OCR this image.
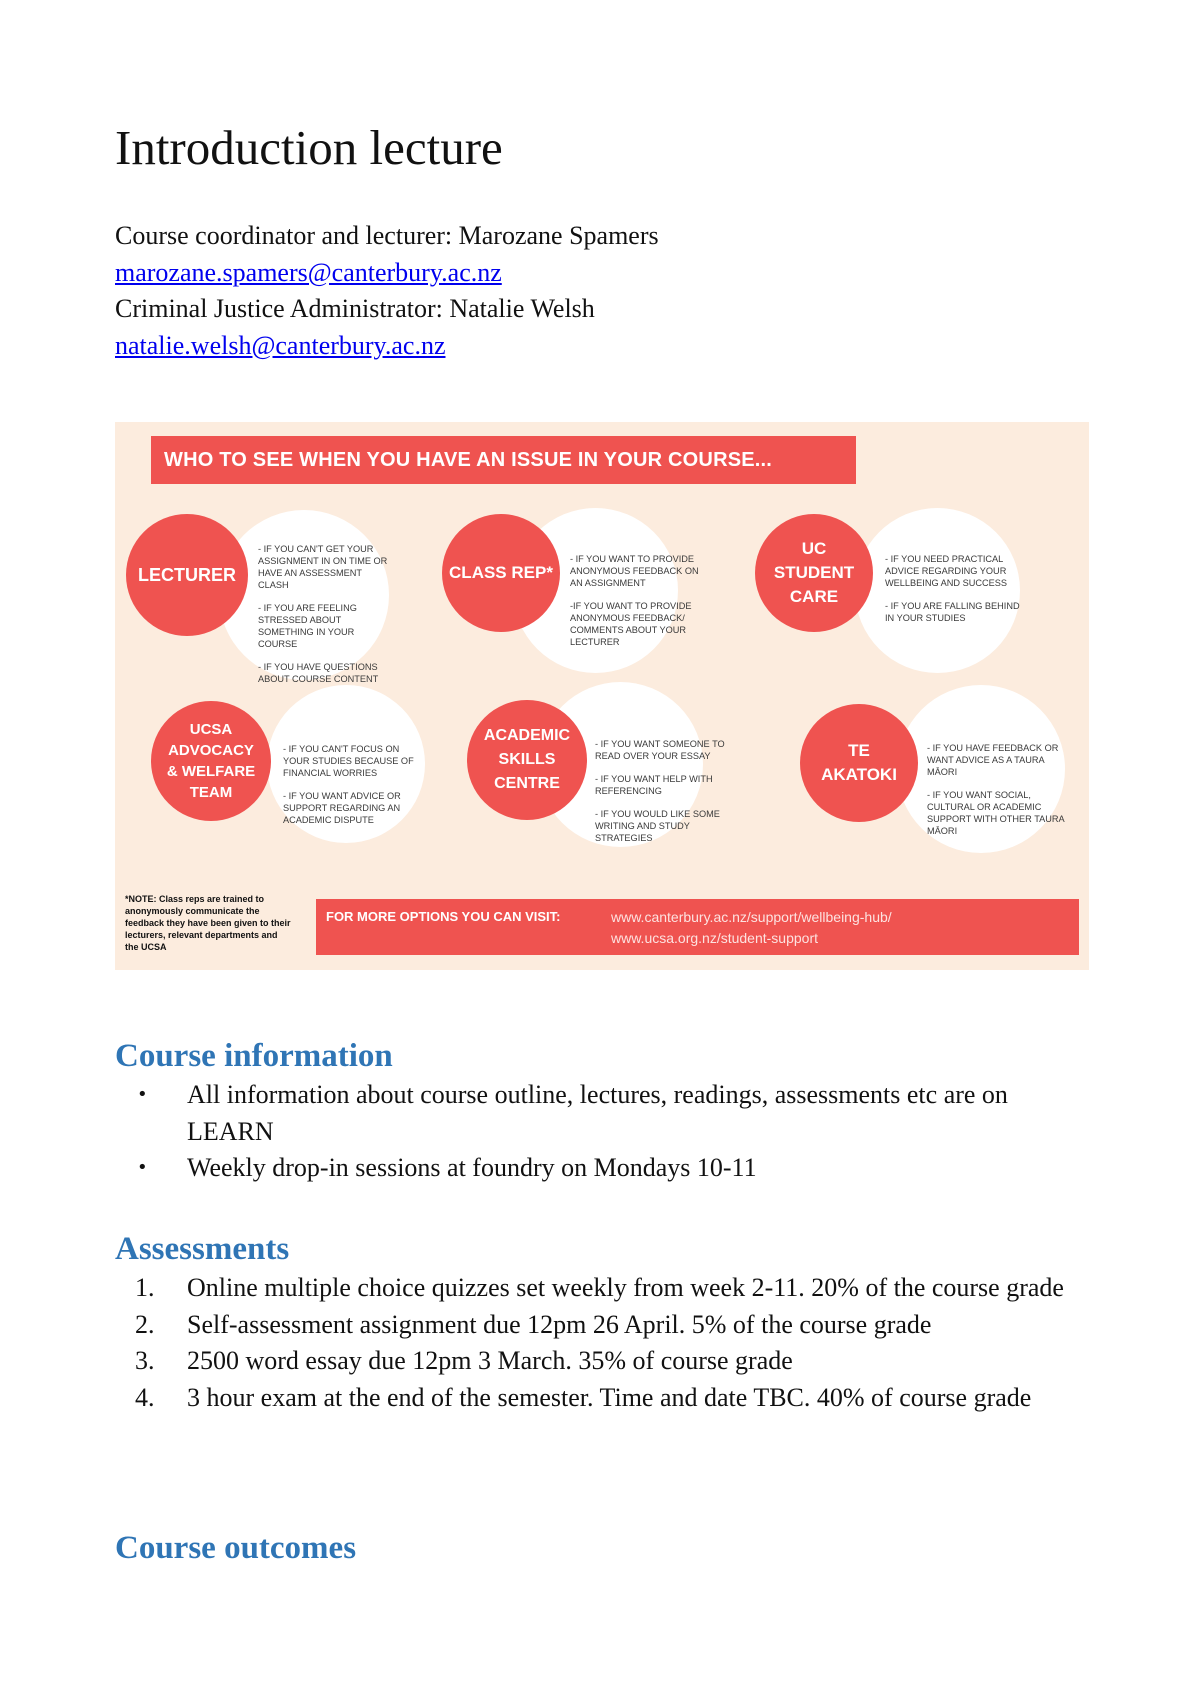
Introduction lecture
Course coordinator and lecturer: Marozane Spamers
marozane.spamers@canterbury.ac.nz
Criminal Justice Administrator: Natalie Welsh
natalie.welsh@canterbury.ac.nz
WHO TO SEE WHEN YOU HAVE AN ISSUE IN YOUR COURSE...
LECTURER

- IF YOU CAN'T GET YOUR ASSIGNMENT IN ON TIME OR HAVE AN ASSESSMENT CLASH

- IF YOU ARE FEELING STRESSED ABOUT SOMETHING IN YOUR COURSE

- IF YOU HAVE QUESTIONS ABOUT COURSE CONTENT

CLASS REP*

- IF YOU WANT TO PROVIDE ANONYMOUS FEEDBACK ON AN ASSIGNMENT

-IF YOU WANT TO PROVIDE ANONYMOUS FEEDBACK/ COMMENTS ABOUT YOUR LECTURER

UC
STUDENT
CARE

- IF YOU NEED PRACTICAL ADVICE REGARDING YOUR WELLBEING AND SUCCESS

- IF YOU ARE FALLING BEHIND IN YOUR STUDIES

UCSA
ADVOCACY
& WELFARE
TEAM

- IF YOU CAN'T FOCUS ON YOUR STUDIES BECAUSE OF FINANCIAL WORRIES

- IF YOU WANT ADVICE OR SUPPORT REGARDING AN ACADEMIC DISPUTE

ACADEMIC
SKILLS
CENTRE

- IF YOU WANT SOMEONE TO READ OVER YOUR ESSAY

- IF YOU WANT HELP WITH REFERENCING

- IF YOU WOULD LIKE SOME WRITING AND STUDY STRATEGIES

TE
AKATOKI

- IF YOU HAVE FEEDBACK OR WANT ADVICE AS A TAURA MĀORI

- IF YOU WANT SOCIAL, CULTURAL OR ACADEMIC SUPPORT WITH OTHER TAURA MĀORI

*NOTE: Class reps are trained to anonymously communicate the feedback they have been given to their lecturers, relevant departments and the UCSA
FOR MORE OPTIONS YOU CAN VISIT:	www.canterbury.ac.nz/support/wellbeing-hub/
www.ucsa.org.nz/student-support
Course information
• All information about course outline, lectures, readings, assessments etc are on LEARN
• Weekly drop-in sessions at foundry on Mondays 10-11
Assessments
1. Online multiple choice quizzes set weekly from week 2-11. 20% of the course grade
2. Self-assessment assignment due 12pm 26 April. 5% of the course grade
3. 2500 word essay due 12pm 3 March. 35% of course grade
4. 3 hour exam at the end of the semester. Time and date TBC. 40% of course grade
Course outcomes
